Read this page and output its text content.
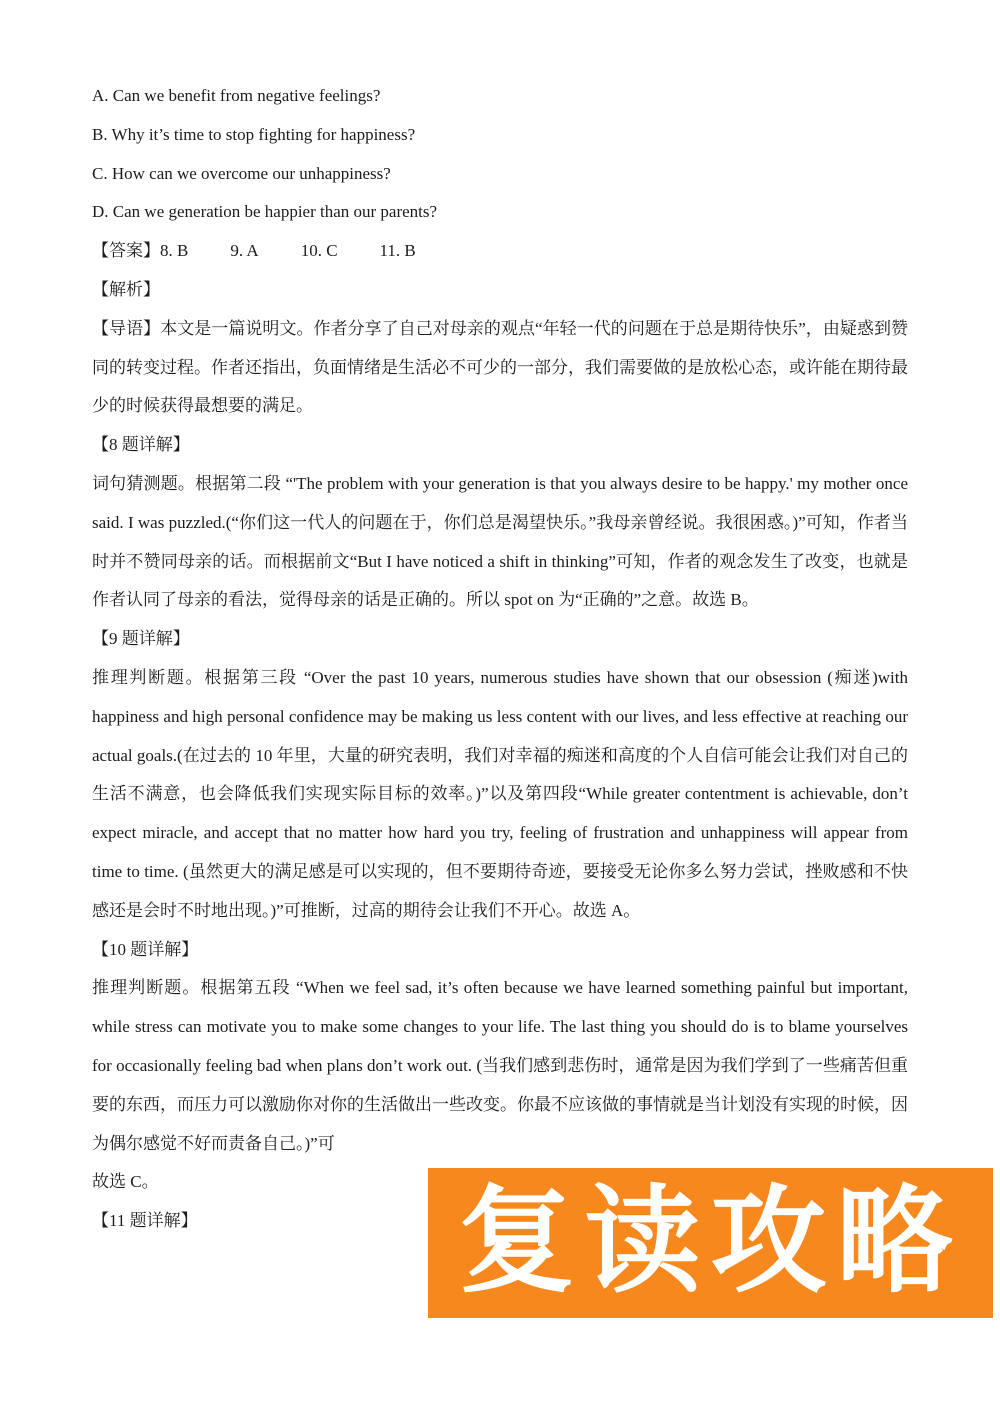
A. Can we benefit from negative feelings?

B. Why it’s time to stop fighting for happiness?

C. How can we overcome our unhappiness?

D. Can we generation be happier than our parents?

【答案】8. B 9. A 10. C 11. B

【解析】

【导语】本文是一篇说明文。作者分享了自己对母亲的观点“年轻一代的问题在于总是期待快乐”，由疑惑到赞同的转变过程。作者还指出，负面情绪是生活必不可少的一部分，我们需要做的是放松心态，或许能在期待最少的时候获得最想要的满足。

【8 题详解】

词句猜测题。根据第二段 “'The problem with your generation is that you always desire to be happy.' my mother once said. I was puzzled.(“你们这一代人的问题在于，你们总是渴望快乐。”我母亲曾经说。我很困惑。)”可知，作者当时并不赞同母亲的话。而根据前文“But I have noticed a shift in thinking”可知，作者的观念发生了改变，也就是作者认同了母亲的看法，觉得母亲的话是正确的。所以 spot on 为“正确的”之意。故选 B。

【9 题详解】

推理判断题。根据第三段 “Over the past 10 years, numerous studies have shown that our obsession (痴迷)with happiness and high personal confidence may be making us less content with our lives, and less effective at reaching our actual goals.(在过去的 10 年里，大量的研究表明，我们对幸福的痴迷和高度的个人自信可能会让我们对自己的生活不满意，也会降低我们实现实际目标的效率。)”以及第四段“While greater contentment is achievable, don’t expect miracle, and accept that no matter how hard you try, feeling of frustration and unhappiness will appear from time to time. (虽然更大的满足感是可以实现的，但不要期待奇迹，要接受无论你多么努力尝试，挫败感和不快感还是会时不时地出现。)”可推断，过高的期待会让我们不开心。故选 A。

【10 题详解】

推理判断题。根据第五段 “When we feel sad, it’s often because we have learned something painful but important, while stress can motivate you to make some changes to your life. The last thing you should do is to blame yourselves for occasionally feeling bad when plans don’t work out. (当我们感到悲伤时，通常是因为我们学到了一些痛苦但重要的东西，而压力可以激励你对你的生活做出一些改变。你最不应该做的事情就是当计划没有实现的时候，因为偶尔感觉不好而责备自己。)”可

故选 C。

【11 题详解】	复读攻略
